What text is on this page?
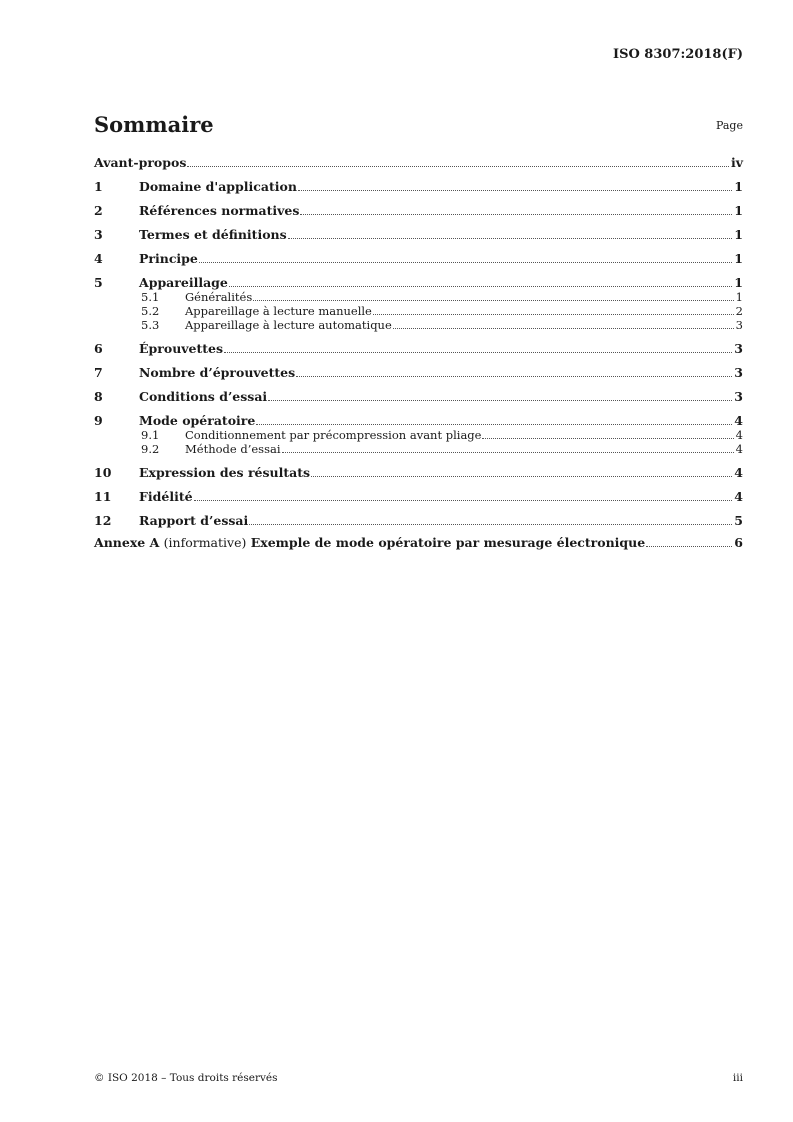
ISO 8307:2018(F)
Sommaire	Page
Avant-propos	iv
1	Domaine d'application	1
2	Références normatives	1
3	Termes et définitions	1
4	Principe	1
5	Appareillage	1
5.1	Généralités	1
5.2	Appareillage à lecture manuelle	2
5.3	Appareillage à lecture automatique	3
6	Éprouvettes	3
7	Nombre d’éprouvettes	3
8	Conditions d’essai	3
9	Mode opératoire	4
9.1	Conditionnement par précompression avant pliage	4
9.2	Méthode d’essai	4
10	Expression des résultats	4
11	Fidélité	4
12	Rapport d’essai	5
Annexe A (informative) Exemple de mode opératoire par mesurage électronique	6
© ISO 2018 – Tous droits réservés	iii
